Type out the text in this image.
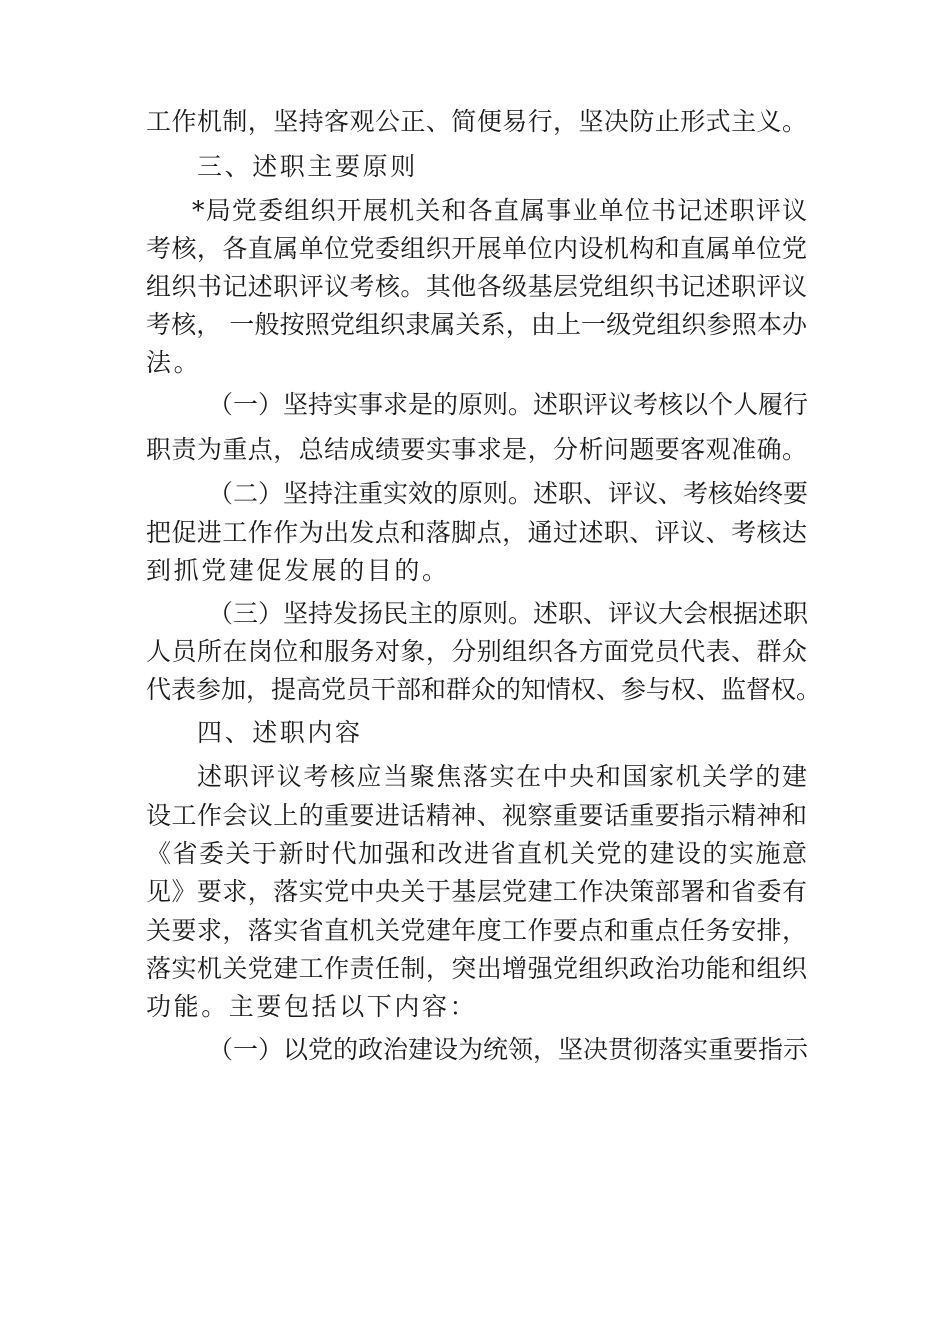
工作机制，坚持客观公正、简便易行，坚决防止形式主义。
三、述职主要原则
*局党委组织开展机关和各直属事业单位书记述职评议
考核，各直属单位党委组织开展单位内设机构和直属单位党
组织书记述职评议考核。其他各级基层党组织书记述职评议
考核， 一般按照党组织隶属关系，由上一级党组织参照本办
法。
（一）坚持实事求是的原则。述职评议考核以个人履行
职责为重点，总结成绩要实事求是，分析问题要客观准确。
（二）坚持注重实效的原则。述职、评议、考核始终要
把促进工作作为出发点和落脚点，通过述职、评议、考核达
到抓党建促发展的目的。
（三）坚持发扬民主的原则。述职、评议大会根据述职
人员所在岗位和服务对象，分别组织各方面党员代表、群众
代表参加，提高党员干部和群众的知情权、参与权、监督权。
四、述职内容
述职评议考核应当聚焦落实在中央和国家机关学的建
设工作会议上的重要进话精神、视察重要话重要指示精神和
《省委关于新时代加强和改进省直机关党的建设的实施意
见》要求，落实党中央关于基层党建工作决策部署和省委有
关要求，落实省直机关党建年度工作要点和重点任务安排，
落实机关党建工作责任制，突出增强党组织政治功能和组织
功能。主要包括以下内容：
（一）以党的政治建设为统领，坚决贯彻落实重要指示
